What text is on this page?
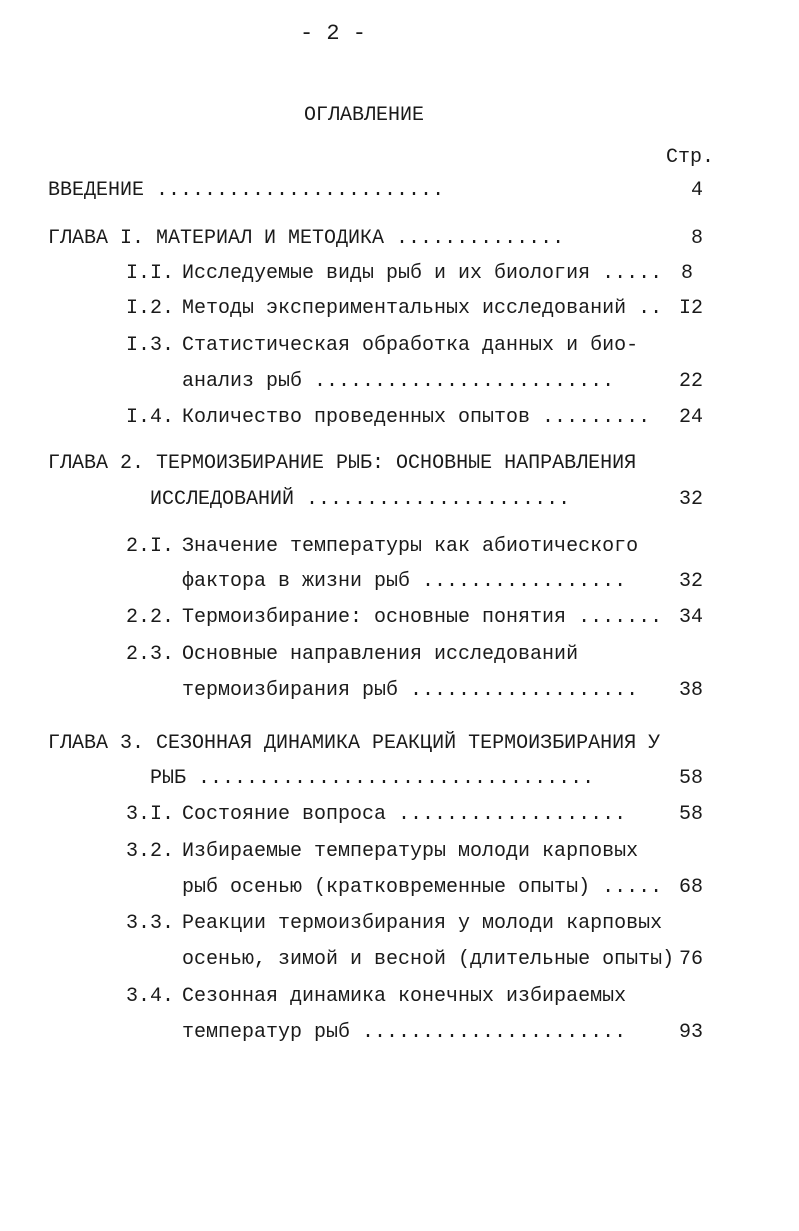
- 2 -
ОГЛАВЛЕНИЕ
Стр.
ВВЕДЕНИЕ ........................	4
ГЛАВА I. МАТЕРИАЛ И МЕТОДИКА ..............	8
I.I. Исследуемые виды рыб и их биология ..... 8
I.2. Методы экспериментальных исследований .. I2
I.3. Статистическая обработка данных и био-
анализ рыб .........................	22
I.4. Количество проведенных опытов .........	24
ГЛАВА 2. ТЕРМОИЗБИРАНИЕ РЫБ: ОСНОВНЫЕ НАПРАВЛЕНИЯ
ИССЛЕДОВАНИЙ ......................	32
2.I. Значение температуры как абиотического
фактора в жизни рыб .................	32
2.2. Термоизбирание: основные понятия ....... 34
2.3. Основные направления исследований
термоизбирания рыб ...................	38
ГЛАВА 3. СЕЗОННАЯ ДИНАМИКА РЕАКЦИЙ ТЕРМОИЗБИРАНИЯ У
РЫБ .................................	58
3.I. Состояние вопроса ...................	58
3.2. Избираемые температуры молоди карповых
рыб осенью (кратковременные опыты) ..... 68
3.3. Реакции термоизбирания у молоди карповых
осенью, зимой и весной (длительные опыты) 76
3.4. Сезонная динамика конечных избираемых
температур рыб ......................	93
